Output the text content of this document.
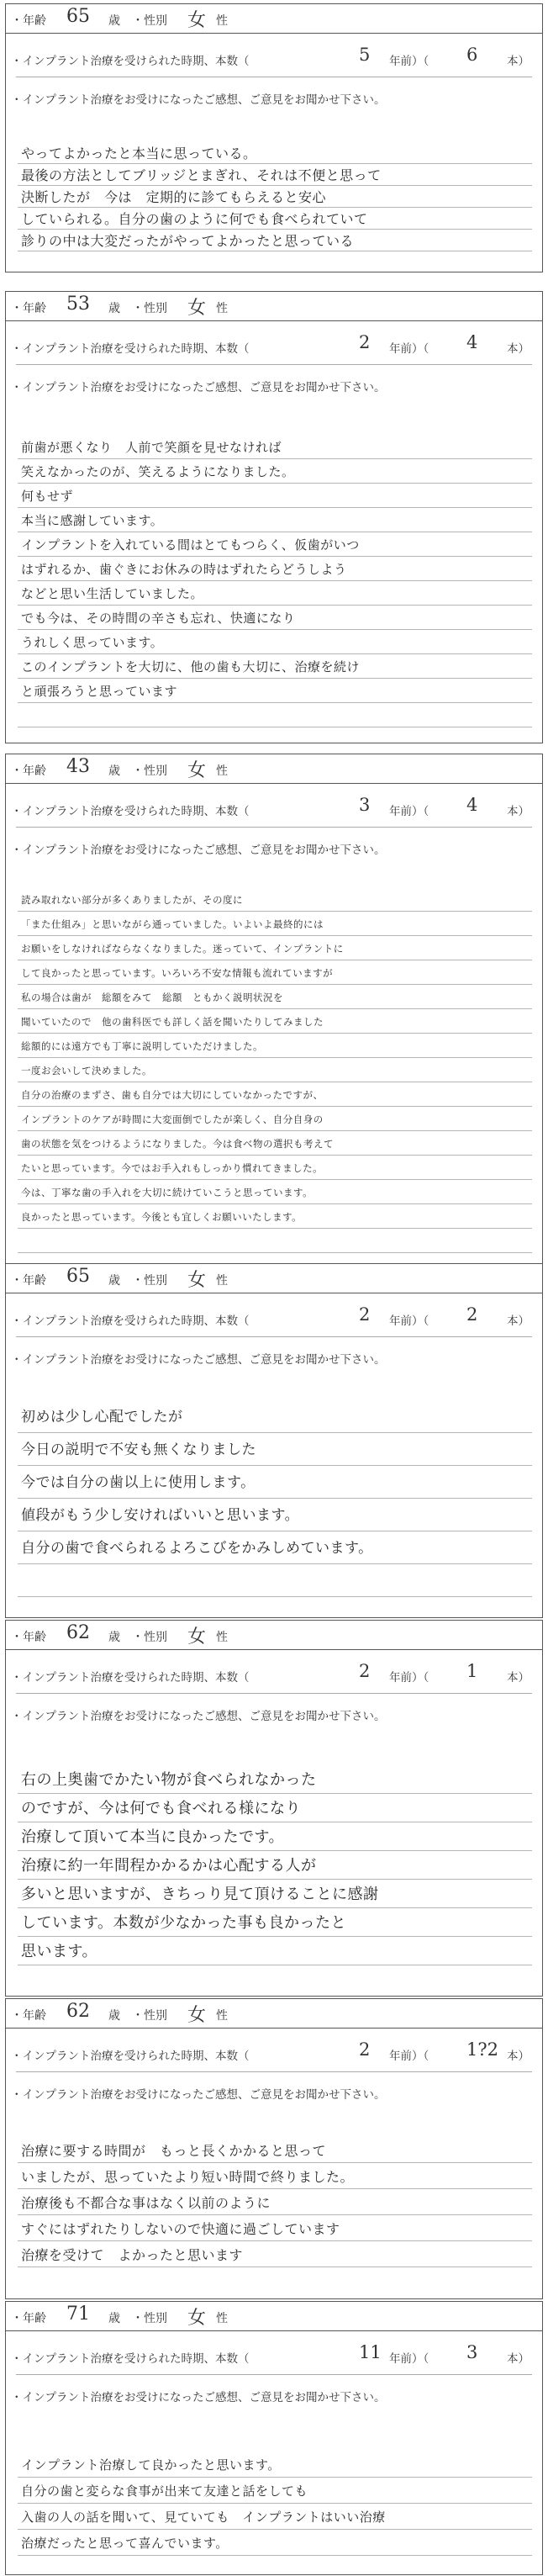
・年齢 65 歳 ・性別 女 性
・インプラント治療を受けられた時期、本数（	5 年前）（ 6	本）
・インプラント治療をお受けになったご感想、ご意見をお聞かせ下さい。
やってよかったと本当に思っている。
最後の方法としてブリッジとまぎれ、それは不便と思って
決断したが　今は　定期的に診てもらえると安心
していられる。自分の歯のように何でも食べられていて
診りの中は大変だったがやってよかったと思っている
・年齢 53 歳 ・性別 女 性
・インプラント治療を受けられた時期、本数（	2 年前）（ 4	本）
・インプラント治療をお受けになったご感想、ご意見をお聞かせ下さい。
前歯が悪くなり　人前で笑顔を見せなければ
笑えなかったのが、笑えるようになりました。
何もせず
本当に感謝しています。
インプラントを入れている間はとてもつらく、仮歯がいつ
はずれるか、歯ぐきにお休みの時はずれたらどうしよう
などと思い生活していました。
でも今は、その時間の辛さも忘れ、快適になり
うれしく思っています。
このインプラントを大切に、他の歯も大切に、治療を続け
と頑張ろうと思っています
・年齢 43 歳 ・性別 女 性
・インプラント治療を受けられた時期、本数（	3 年前）（ 4	本）
・インプラント治療をお受けになったご感想、ご意見をお聞かせ下さい。
読み取れない部分が多くありましたが、その度に
「また仕組み」と思いながら通っていました。いよいよ最終的には
お願いをしなければならなくなりました。迷っていて、インプラントに
して良かったと思っています。いろいろ不安な情報も流れていますが
私の場合は歯が　総額をみて　総額　ともかく説明状況を
聞いていたので　他の歯科医でも詳しく話を聞いたりしてみました
総額的には遠方でも丁寧に説明していただけました。
一度お会いして決めました。
自分の治療のまずさ、歯も自分では大切にしていなかったですが、
インプラントのケアが時間に大変面倒でしたが楽しく、自分自身の
歯の状態を気をつけるようになりました。今は食べ物の選択も考えて
たいと思っています。今ではお手入れもしっかり慣れてきました。
今は、丁寧な歯の手入れを大切に続けていこうと思っています。
良かったと思っています。今後とも宜しくお願いいたします。
・年齢 65 歳 ・性別 女 性
・インプラント治療を受けられた時期、本数（	2 年前）（ 2	本）
・インプラント治療をお受けになったご感想、ご意見をお聞かせ下さい。
初めは少し心配でしたが
今日の説明で不安も無くなりました
今では自分の歯以上に使用します。
値段がもう少し安ければいいと思います。
自分の歯で食べられるよろこびをかみしめています。
・年齢 62 歳 ・性別 女 性
・インプラント治療を受けられた時期、本数（	2 年前）（ 1	本）
・インプラント治療をお受けになったご感想、ご意見をお聞かせ下さい。
右の上奥歯でかたい物が食べられなかった
のですが、今は何でも食べれる様になり
治療して頂いて本当に良かったです。
治療に約一年間程かかるかは心配する人が
多いと思いますが、きちっり見て頂けることに感謝
しています。本数が少なかった事も良かったと
思います。
・年齢 62 歳 ・性別 女 性
・インプラント治療を受けられた時期、本数（	2 年前）（ 1?2 本）
・インプラント治療をお受けになったご感想、ご意見をお聞かせ下さい。
治療に要する時間が　もっと長くかかると思って
いましたが、思っていたより短い時間で終りました。
治療後も不都合な事はなく以前のように
すぐにはずれたりしないので快適に過ごしています
治療を受けて　よかったと思います
・年齢 71 歳 ・性別 女 性
・インプラント治療を受けられた時期、本数（	11 年前）（ 3	本）
・インプラント治療をお受けになったご感想、ご意見をお聞かせ下さい。
インプラント治療して良かったと思います。
自分の歯と変らな食事が出来て友達と話をしても
入歯の人の話を聞いて、見ていても　インプラントはいい治療
治療だったと思って喜んでいます。
